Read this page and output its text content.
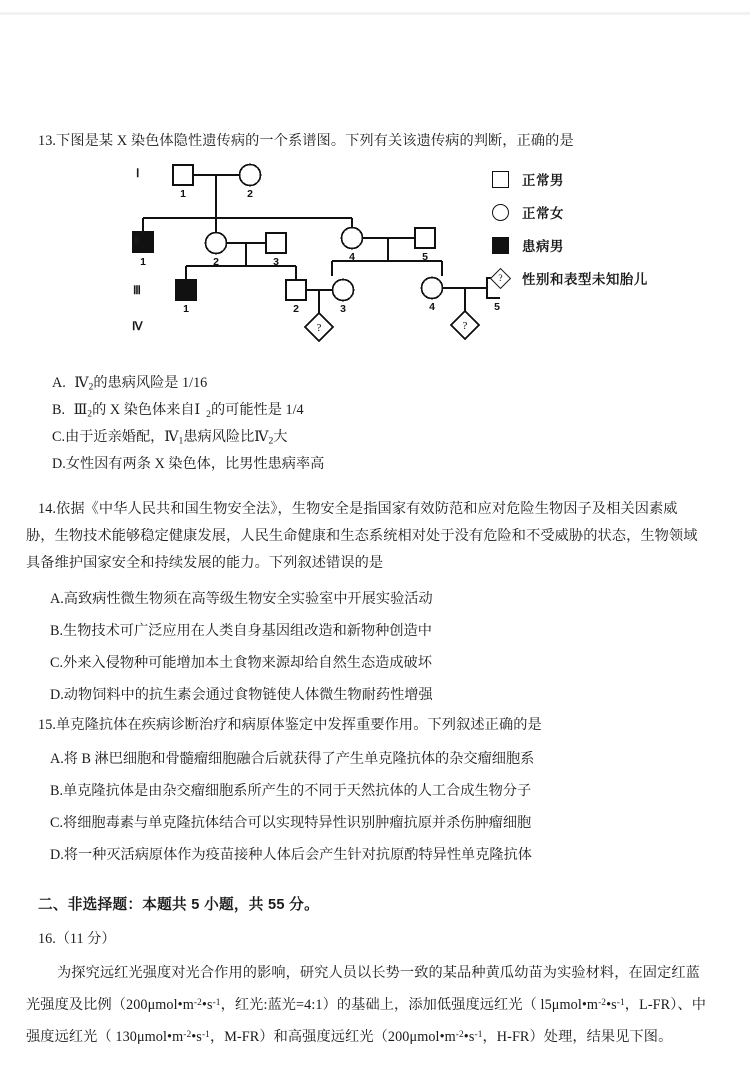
13.下图是某 X 染色体隐性遗传病的一个系谱图。下列有关该遗传病的判断，正确的是
?	?
1	2
1	2	3	4	5
1	2	3	4	5
Ⅰ
Ⅱ
Ⅲ
Ⅳ
正常男
正常女
患病男
?	性别和表型未知胎儿
A. $Ⅳ_2$的患病风险是 1/16
B. $Ⅲ_2$的 X 染色体来自Ⅰ $_2$的可能性是 1/4
C.由于近亲婚配，$Ⅳ_1$患病风险比$Ⅳ_2$大
D.女性因有两条 X 染色体，比男性患病率高
14.依据《中华人民共和国生物安全法》，生物安全是指国家有效防范和应对危险生物因子及相关因素威
胁，生物技术能够稳定健康发展，人民生命健康和生态系统相对处于没有危险和不受威胁的状态，生物领域
具备维护国家安全和持续发展的能力。下列叙述错误的是
A.高致病性微生物须在高等级生物安全实验室中开展实验活动
B.生物技术可广泛应用在人类自身基因组改造和新物种创造中
C.外来入侵物种可能增加本土食物来源却给自然生态造成破坏
D.动物饲料中的抗生素会通过食物链使人体微生物耐药性增强
15.单克隆抗体在疾病诊断治疗和病原体鉴定中发挥重要作用。下列叙述正确的是
A.将 B 淋巴细胞和骨髓瘤细胞融合后就获得了产生单克隆抗体的杂交瘤细胞系
B.单克隆抗体是由杂交瘤细胞系所产生的不同于天然抗体的人工合成生物分子
C.将细胞毒素与单克隆抗体结合可以实现特异性识别肿瘤抗原并杀伤肿瘤细胞
D.将一种灭活病原体作为疫苗接种人体后会产生针对抗原酌特异性单克隆抗体
二、非选择题：本题共 5 小题，共 55 分。
16.（11 分）
为探究远红光强度对光合作用的影响，研究人员以长势一致的某品种黄瓜幼苗为实验材料，在固定红蓝
光强度及比例（$200\mu mol•m^{-2}•s^{-1}$，红光:蓝光=4:1）的基础上，添加低强度远红光（ $l5\mu mol•m^{-2}•s^{-1}$，L-FR）、中
强度远红光（ $130\mu mol•m^{-2}•s^{-1}$，M-FR）和高强度远红光（$200\mu mol•m^{-2}•s^{-1}$，H-FR）处理，结果见下图。
